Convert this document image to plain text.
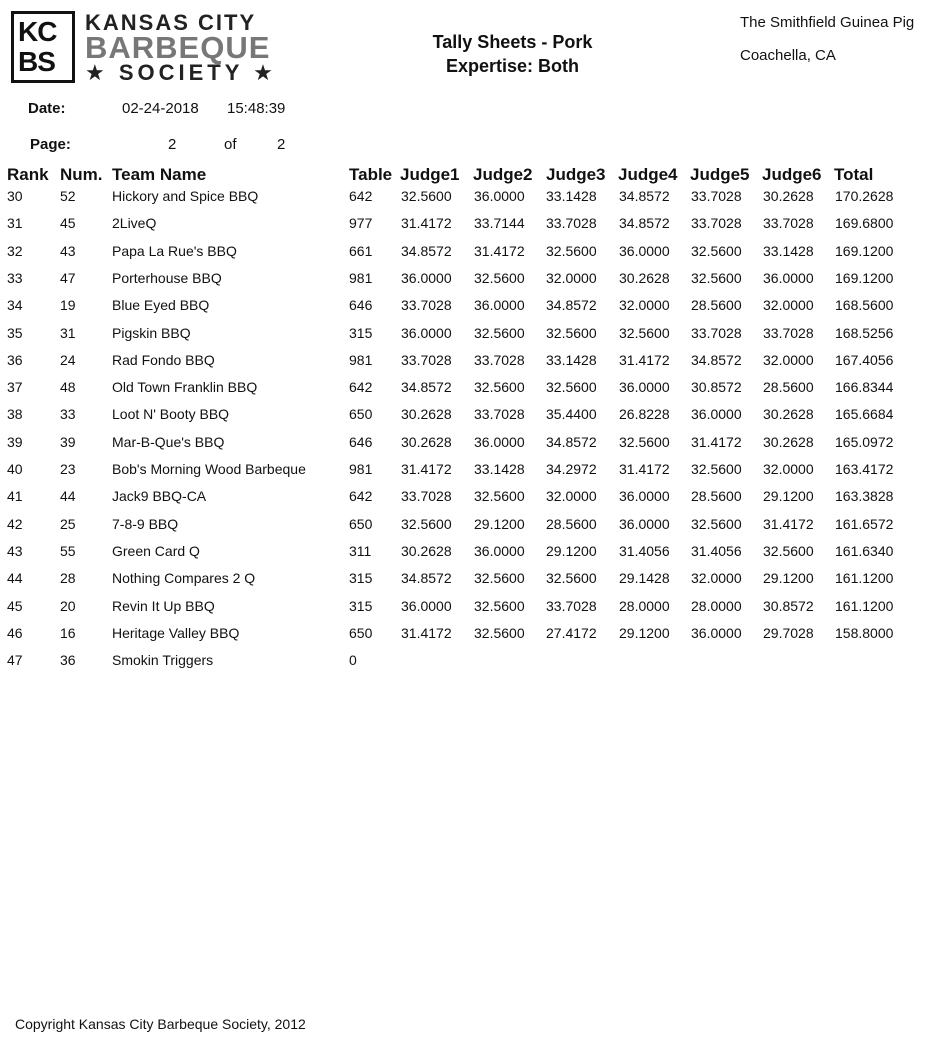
KC
BS
KANSAS CITY
BARBEQUE
★ SOCIETY ★
Tally Sheets - Pork
Expertise: Both
The Smithfield Guinea Pig
Coachella, CA
Date:	02-24-2018 15:48:39
Page:	2	of	2
Rank Num. Team Name	Table Judge1 Judge2 Judge3 Judge4 Judge5 Judge6 Total
30	52	Hickory and Spice BBQ	642 32.5600 36.0000 33.1428 34.8572 33.7028 30.2628 170.2628
31	45	2LiveQ	977 31.4172 33.7144 33.7028 34.8572 33.7028 33.7028 169.6800
32	43	Papa La Rue's BBQ	661 34.8572 31.4172 32.5600 36.0000 32.5600 33.1428 169.1200
33	47	Porterhouse BBQ	981 36.0000 32.5600 32.0000 30.2628 32.5600 36.0000 169.1200
34	19	Blue Eyed BBQ	646 33.7028 36.0000 34.8572 32.0000 28.5600 32.0000 168.5600
35	31	Pigskin BBQ	315 36.0000 32.5600 32.5600 32.5600 33.7028 33.7028 168.5256
36	24	Rad Fondo BBQ	981 33.7028 33.7028 33.1428 31.4172 34.8572 32.0000 167.4056
37	48	Old Town Franklin BBQ	642 34.8572 32.5600 32.5600 36.0000 30.8572 28.5600 166.8344
38	33	Loot N' Booty BBQ	650 30.2628 33.7028 35.4400 26.8228 36.0000 30.2628 165.6684
39	39	Mar-B-Que's BBQ	646 30.2628 36.0000 34.8572 32.5600 31.4172 30.2628 165.0972
40	23	Bob's Morning Wood Barbeque	981 31.4172 33.1428 34.2972 31.4172 32.5600 32.0000 163.4172
41	44	Jack9 BBQ-CA	642 33.7028 32.5600 32.0000 36.0000 28.5600 29.1200 163.3828
42	25	7-8-9 BBQ	650 32.5600 29.1200 28.5600 36.0000 32.5600 31.4172 161.6572
43	55	Green Card Q	311 30.2628 36.0000 29.1200 31.4056 31.4056 32.5600 161.6340
44	28	Nothing Compares 2 Q	315 34.8572 32.5600 32.5600 29.1428 32.0000 29.1200 161.1200
45	20	Revin It Up BBQ	315 36.0000 32.5600 33.7028 28.0000 28.0000 30.8572 161.1200
46	16	Heritage Valley BBQ	650 31.4172 32.5600 27.4172 29.1200 36.0000 29.7028 158.8000
47	36	Smokin Triggers	0
Copyright Kansas City Barbeque Society, 2012
